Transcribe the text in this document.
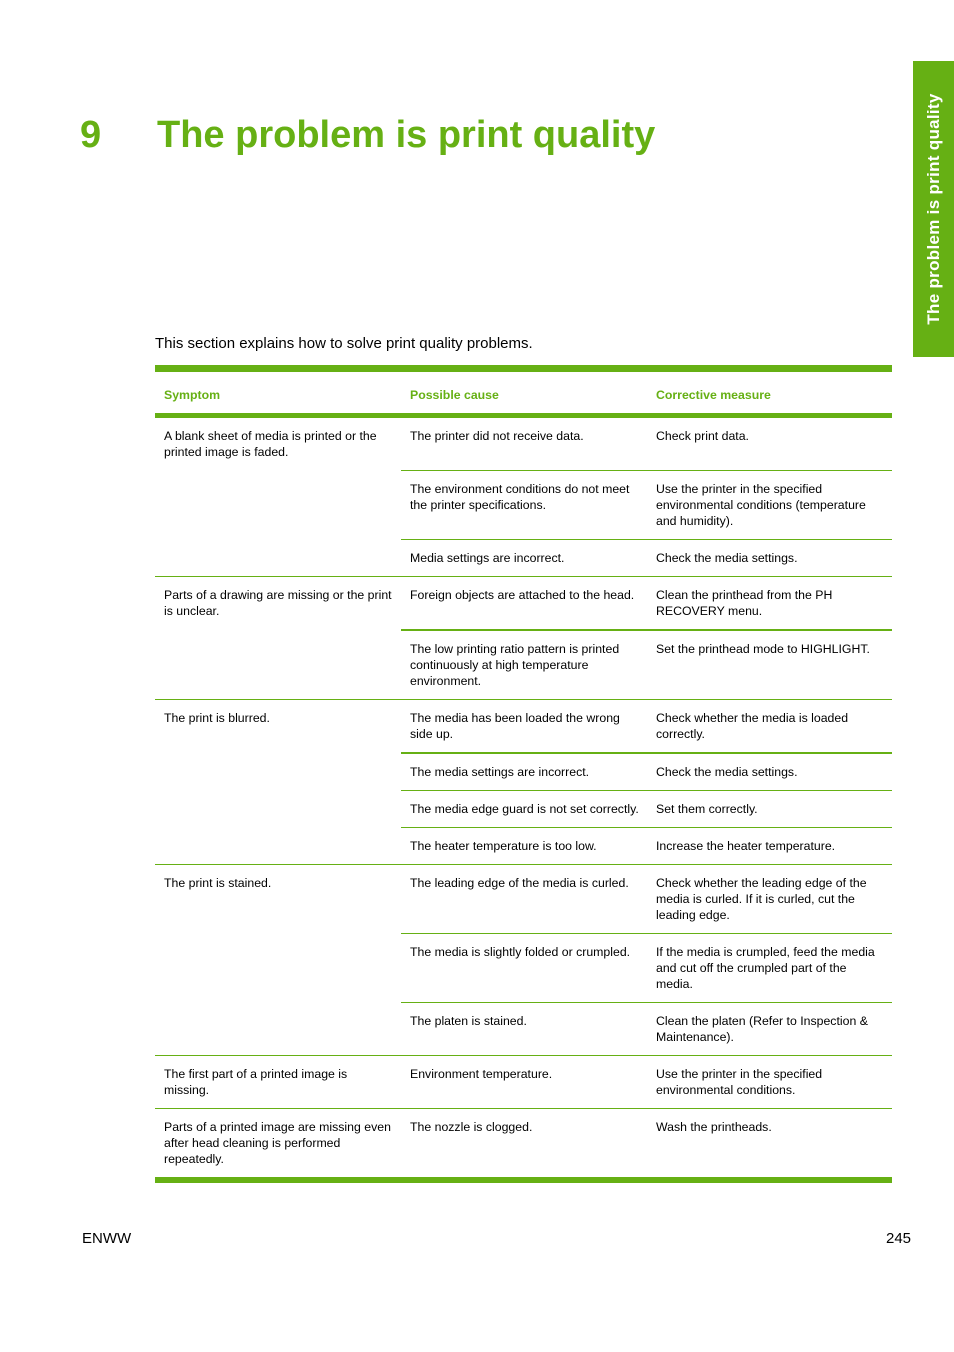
The problem is print quality
9 The problem is print quality
This section explains how to solve print quality problems.
Symptom	Possible cause	Corrective measure
A blank sheet of media is printed or the printed image is faded.	The printer did not receive data.	Check print data.
	The environment conditions do not meet the printer specifications.	Use the printer in the specified environmental conditions (temperature and humidity).
	Media settings are incorrect.	Check the media settings.
Parts of a drawing are missing or the print is unclear.	Foreign objects are attached to the head.	Clean the printhead from the PH RECOVERY menu.
	The low printing ratio pattern is printed continuously at high temperature environment.	Set the printhead mode to HIGHLIGHT.
The print is blurred.	The media has been loaded the wrong side up.	Check whether the media is loaded correctly.
	The media settings are incorrect.	Check the media settings.
	The media edge guard is not set correctly.	Set them correctly.
	The heater temperature is too low.	Increase the heater temperature.
The print is stained.	The leading edge of the media is curled.	Check whether the leading edge of the media is curled. If it is curled, cut the leading edge.
	The media is slightly folded or crumpled.	If the media is crumpled, feed the media and cut off the crumpled part of the media.
	The platen is stained.	Clean the platen (Refer to Inspection & Maintenance).
The first part of a printed image is missing.	Environment temperature.	Use the printer in the specified environmental conditions.
Parts of a printed image are missing even after head cleaning is performed repeatedly.	The nozzle is clogged.	Wash the printheads.
ENWW	245
